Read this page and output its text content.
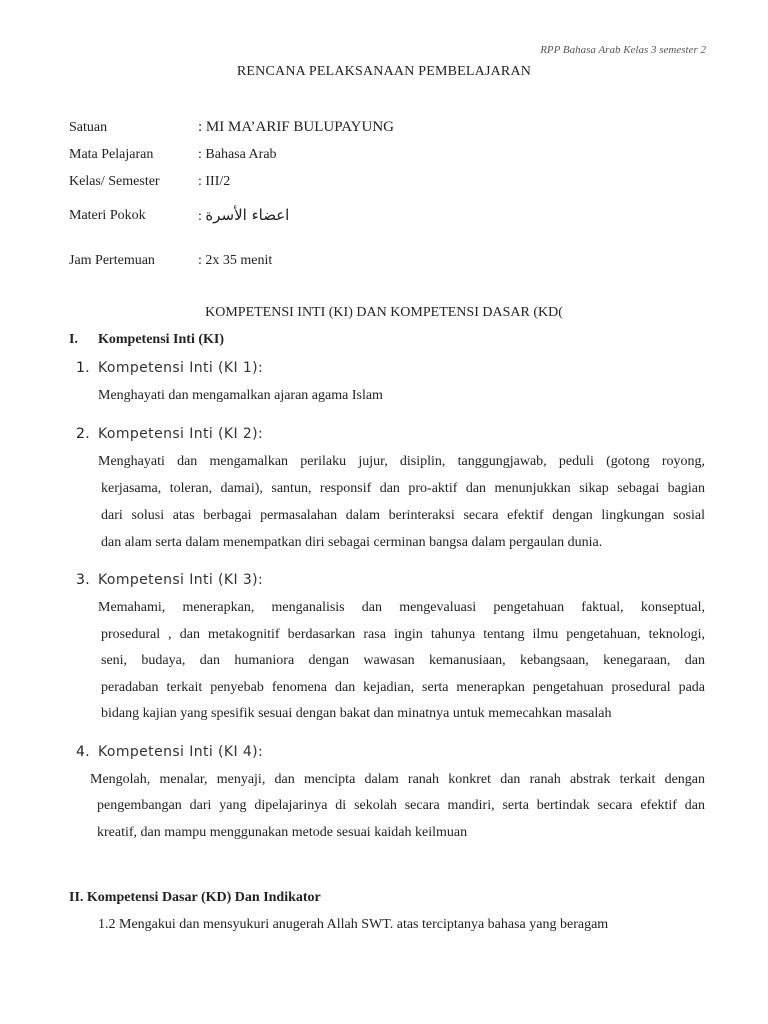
RPP Bahasa Arab Kelas 3 semester 2
RENCANA PELAKSANAAN PEMBELAJARAN
Satuan	: MI MA’ARIF BULUPAYUNG
Mata Pelajaran	: Bahasa Arab
Kelas/ Semester	: III/2
Materi Pokok	: اعضاء الأسرة
Jam Pertemuan	: 2x 35 menit
KOMPETENSI INTI (KI) DAN KOMPETENSI DASAR (KD(
I. Kompetensi Inti (KI)
1. Kompetensi Inti (KI 1):
Menghayati dan mengamalkan ajaran agama Islam
2. Kompetensi Inti (KI 2):
Menghayati dan mengamalkan perilaku jujur, disiplin, tanggungjawab, peduli (gotong royong,
kerjasama, toleran, damai), santun, responsif dan pro-aktif dan menunjukkan sikap sebagai bagian
dari solusi atas berbagai permasalahan dalam berinteraksi secara efektif dengan lingkungan sosial
dan alam serta dalam menempatkan diri sebagai cerminan bangsa dalam pergaulan dunia.
3. Kompetensi Inti (KI 3):
Memahami, menerapkan, menganalisis dan mengevaluasi pengetahuan faktual, konseptual,
prosedural , dan metakognitif berdasarkan rasa ingin tahunya tentang ilmu pengetahuan, teknologi,
seni, budaya, dan humaniora dengan wawasan kemanusiaan, kebangsaan, kenegaraan, dan
peradaban terkait penyebab fenomena dan kejadian, serta menerapkan pengetahuan prosedural pada
bidang kajian yang spesifik sesuai dengan bakat dan minatnya untuk memecahkan masalah
4. Kompetensi Inti (KI 4):
Mengolah, menalar, menyaji, dan mencipta dalam ranah konkret dan ranah abstrak terkait dengan
pengembangan dari yang dipelajarinya di sekolah secara mandiri, serta bertindak secara efektif dan
kreatif, dan mampu menggunakan metode sesuai kaidah keilmuan
II. Kompetensi Dasar (KD) Dan Indikator
1.2 Mengakui dan mensyukuri anugerah Allah SWT. atas terciptanya bahasa yang beragam
